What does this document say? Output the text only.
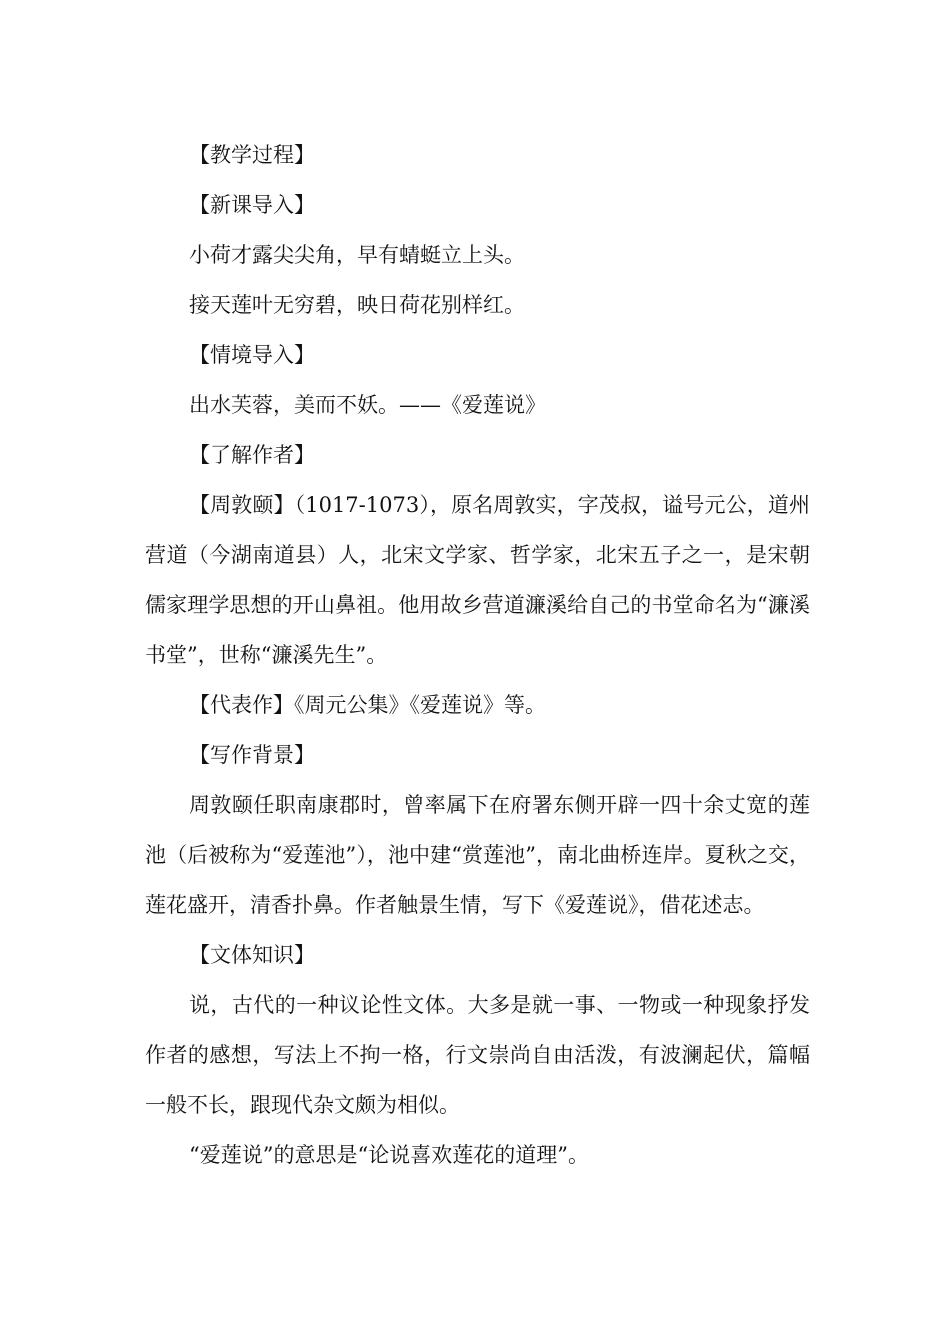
【教学过程】

【新课导入】

小荷才露尖尖角，早有蜻蜓立上头。

接天莲叶无穷碧，映日荷花别样红。

【情境导入】

出水芙蓉，美而不妖。——《爱莲说》

【了解作者】

【周敦颐】（1017-1073），原名周敦实，字茂叔，谥号元公，道州营道（今湖南道县）人，北宋文学家、哲学家，北宋五子之一，是宋朝儒家理学思想的开山鼻祖。他用故乡营道濂溪给自己的书堂命名为“濂溪书堂”，世称“濂溪先生”。

【代表作】《周元公集》《爱莲说》等。

【写作背景】

周敦颐任职南康郡时，曾率属下在府署东侧开辟一四十余丈宽的莲池（后被称为“爱莲池”），池中建“赏莲池”，南北曲桥连岸。夏秋之交，莲花盛开，清香扑鼻。作者触景生情，写下《爱莲说》，借花述志。

【文体知识】

说，古代的一种议论性文体。大多是就一事、一物或一种现象抒发作者的感想，写法上不拘一格，行文崇尚自由活泼，有波澜起伏，篇幅一般不长，跟现代杂文颇为相似。

“爱莲说”的意思是“论说喜欢莲花的道理”。
